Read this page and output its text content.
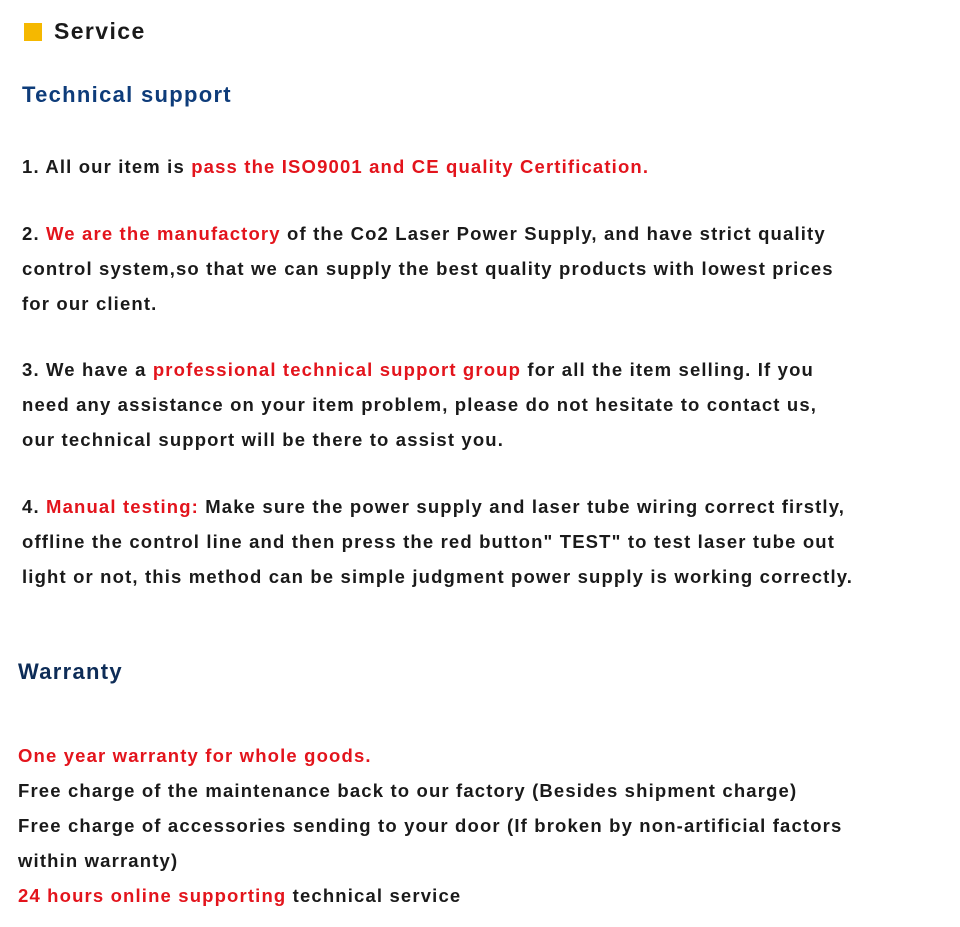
Service
Technical support

1. All our item is pass the ISO9001 and CE quality Certification.

2. We are the manufactory of the Co2 Laser Power Supply, and have strict quality
control system,so that we can supply the best quality products with lowest prices
for our client.

3. We have a professional technical support group for all the item selling. If you
need any assistance on your item problem, please do not hesitate to contact us,
our technical support will be there to assist you.

4. Manual testing: Make sure the power supply and laser tube wiring correct firstly,
offline the control line and then press the red button" TEST" to test laser tube out
light or not, this method can be simple judgment power supply is working correctly.

Warranty

One year warranty for whole goods.
Free charge of the maintenance back to our factory (Besides shipment charge)
Free charge of accessories sending to your door (If broken by non-artificial factors
within warranty)
24 hours online supporting technical service
